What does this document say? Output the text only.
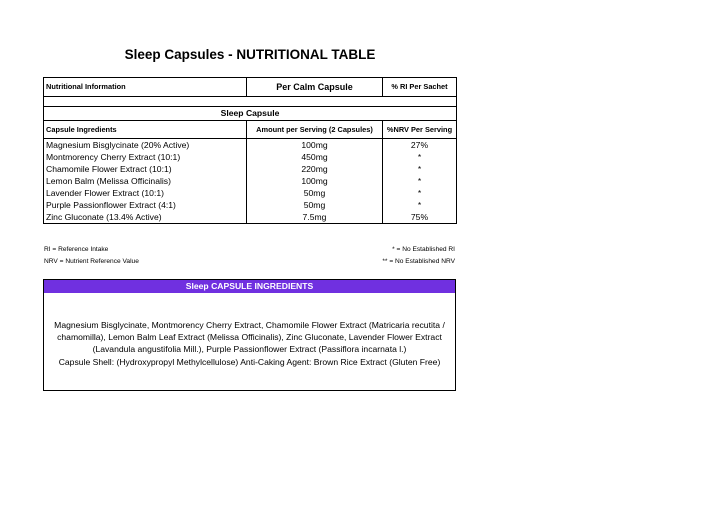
Sleep Capsules - NUTRITIONAL TABLE
Nutritional Information	Per Calm Capsule	% RI Per Sachet

Sleep Capsule		
Capsule Ingredients	Amount per Serving (2 Capsules)	%NRV Per Serving
Magnesium Bisglycinate (20% Active)	100mg	27%
Montmorency Cherry Extract (10:1)	450mg	*
Chamomile Flower Extract (10:1)	220mg	*
Lemon Balm (Melissa Officinalis)	100mg	*
Lavender Flower Extract (10:1)	50mg	*
Purple Passionflower Extract (4:1)	50mg	*
Zinc Gluconate (13.4% Active)	7.5mg	75%
RI = Reference Intake	* = No Established RI
NRV = Nutrient Reference Value	** = No Established NRV
Sleep CAPSULE INGREDIENTS
Magnesium Bisglycinate, Montmorency Cherry Extract, Chamomile Flower Extract (Matricaria recutita /
chamomilla), Lemon Balm Leaf Extract (Melissa Officinalis), Zinc Gluconate, Lavender Flower Extract
(Lavandula angustifolia Mill.), Purple Passionflower Extract (Passiflora incarnata l.)
Capsule Shell: (Hydroxypropyl Methylcellulose) Anti-Caking Agent: Brown Rice Extract (Gluten Free)
